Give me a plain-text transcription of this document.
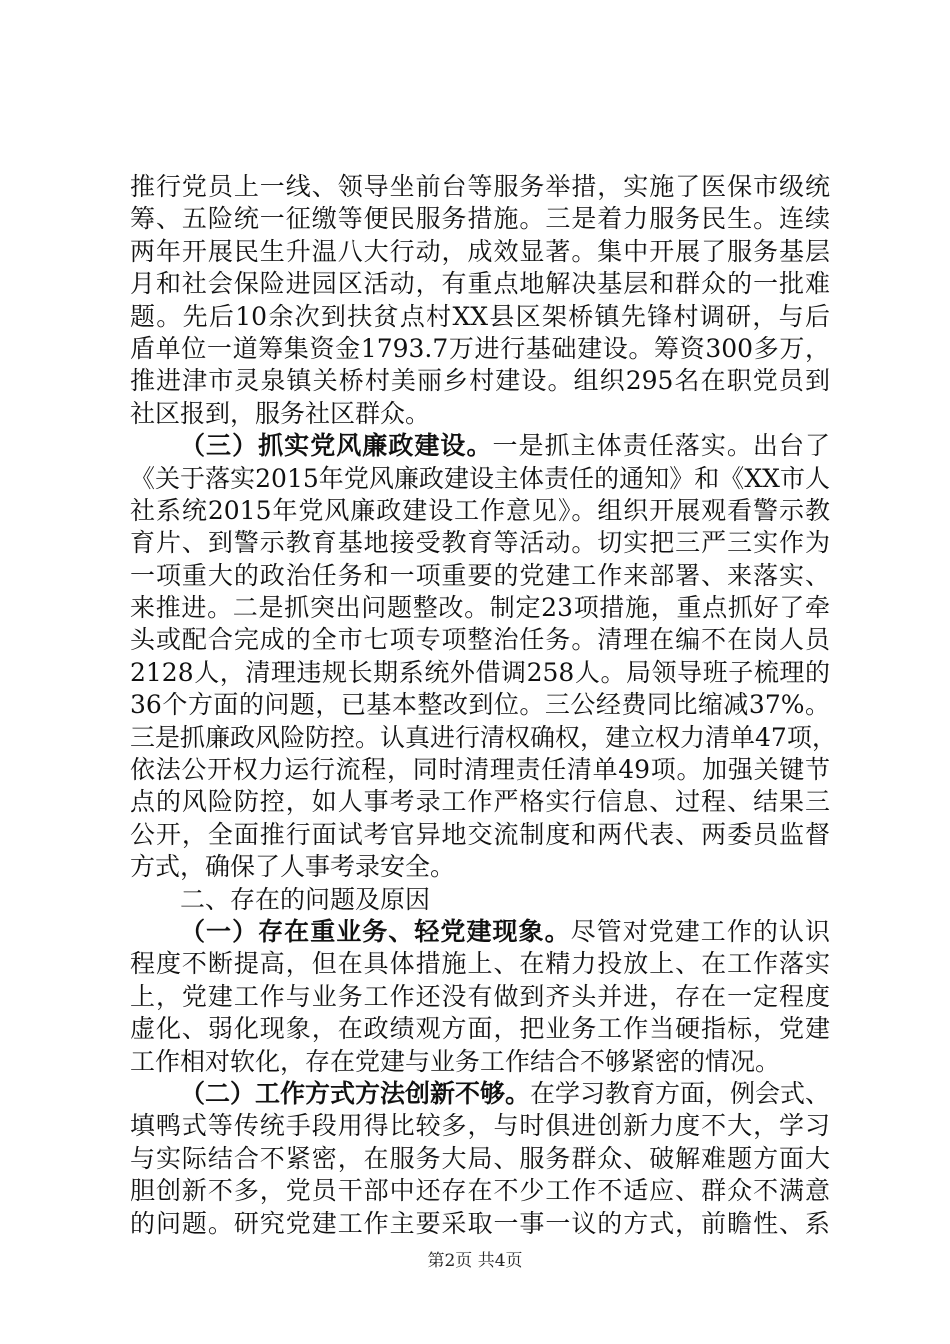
推行党员上一线、领导坐前台等服务举措，实施了医保市级统
筹、五险统一征缴等便民服务措施。三是着力服务民生。连续
两年开展民生升温八大行动，成效显著。集中开展了服务基层
月和社会保险进园区活动，有重点地解决基层和群众的一批难
题。先后10余次到扶贫点村XX县区架桥镇先锋村调研，与后
盾单位一道筹集资金1793.7万进行基础建设。筹资300多万，
推进津市灵泉镇关桥村美丽乡村建设。组织295名在职党员到
社区报到，服务社区群众。
（三）抓实党风廉政建设。一是抓主体责任落实。出台了
《关于落实2015年党风廉政建设主体责任的通知》和《XX市人
社系统2015年党风廉政建设工作意见》。组织开展观看警示教
育片、到警示教育基地接受教育等活动。切实把三严三实作为
一项重大的政治任务和一项重要的党建工作来部署、来落实、
来推进。二是抓突出问题整改。制定23项措施，重点抓好了牵
头或配合完成的全市七项专项整治任务。清理在编不在岗人员
2128人，清理违规长期系统外借调258人。局领导班子梳理的
36个方面的问题，已基本整改到位。三公经费同比缩减37%。
三是抓廉政风险防控。认真进行清权确权，建立权力清单47项，
依法公开权力运行流程，同时清理责任清单49项。加强关键节
点的风险防控，如人事考录工作严格实行信息、过程、结果三
公开，全面推行面试考官异地交流制度和两代表、两委员监督
方式，确保了人事考录安全。
二、存在的问题及原因
（一）存在重业务、轻党建现象。尽管对党建工作的认识
程度不断提高，但在具体措施上、在精力投放上、在工作落实
上，党建工作与业务工作还没有做到齐头并进，存在一定程度
虚化、弱化现象，在政绩观方面，把业务工作当硬指标，党建
工作相对软化，存在党建与业务工作结合不够紧密的情况。
（二）工作方式方法创新不够。在学习教育方面，例会式、
填鸭式等传统手段用得比较多，与时俱进创新力度不大，学习
与实际结合不紧密，在服务大局、服务群众、破解难题方面大
胆创新不多，党员干部中还存在不少工作不适应、群众不满意
的问题。研究党建工作主要采取一事一议的方式，前瞻性、系
第2页 共4页
